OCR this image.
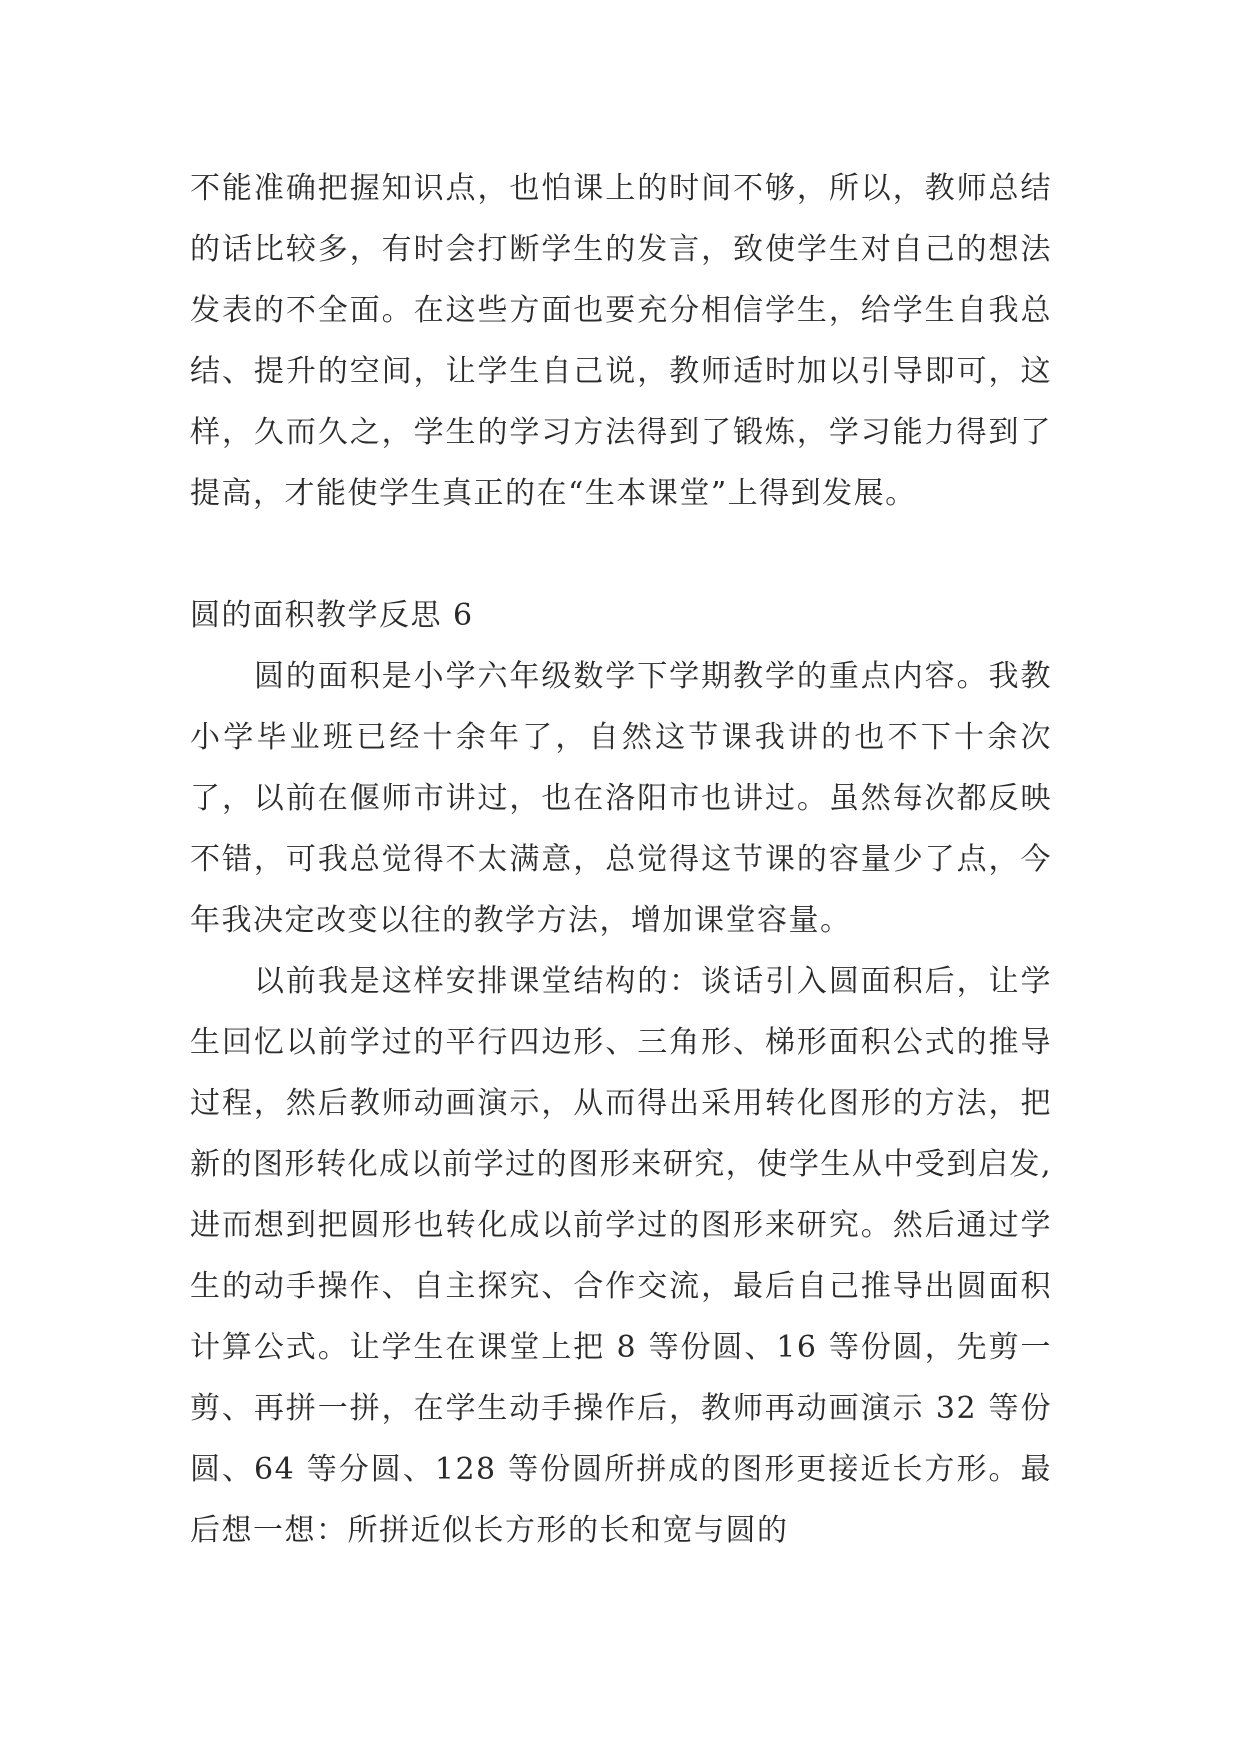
不能准确把握知识点，也怕课上的时间不够，所以，教师总结的话比较多，有时会打断学生的发言，致使学生对自己的想法发表的不全面。在这些方面也要充分相信学生，给学生自我总结、提升的空间，让学生自己说，教师适时加以引导即可，这样，久而久之，学生的学习方法得到了锻炼，学习能力得到了提高，才能使学生真正的在“生本课堂”上得到发展。

圆的面积教学反思 6

圆的面积是小学六年级数学下学期教学的重点内容。我教小学毕业班已经十余年了，自然这节课我讲的也不下十余次了，以前在偃师市讲过，也在洛阳市也讲过。虽然每次都反映不错，可我总觉得不太满意，总觉得这节课的容量少了点，今年我决定改变以往的教学方法，增加课堂容量。

以前我是这样安排课堂结构的：谈话引入圆面积后，让学生回忆以前学过的平行四边形、三角形、梯形面积公式的推导过程，然后教师动画演示，从而得出采用转化图形的方法，把新的图形转化成以前学过的图形来研究，使学生从中受到启发,进而想到把圆形也转化成以前学过的图形来研究。然后通过学生的动手操作、自主探究、合作交流，最后自己推导出圆面积计算公式。让学生在课堂上把 8 等份圆、16 等份圆，先剪一剪、再拼一拼，在学生动手操作后，教师再动画演示 32 等份圆、64 等分圆、128 等份圆所拼成的图形更接近长方形。最后想一想：所拼近似长方形的长和宽与圆的
